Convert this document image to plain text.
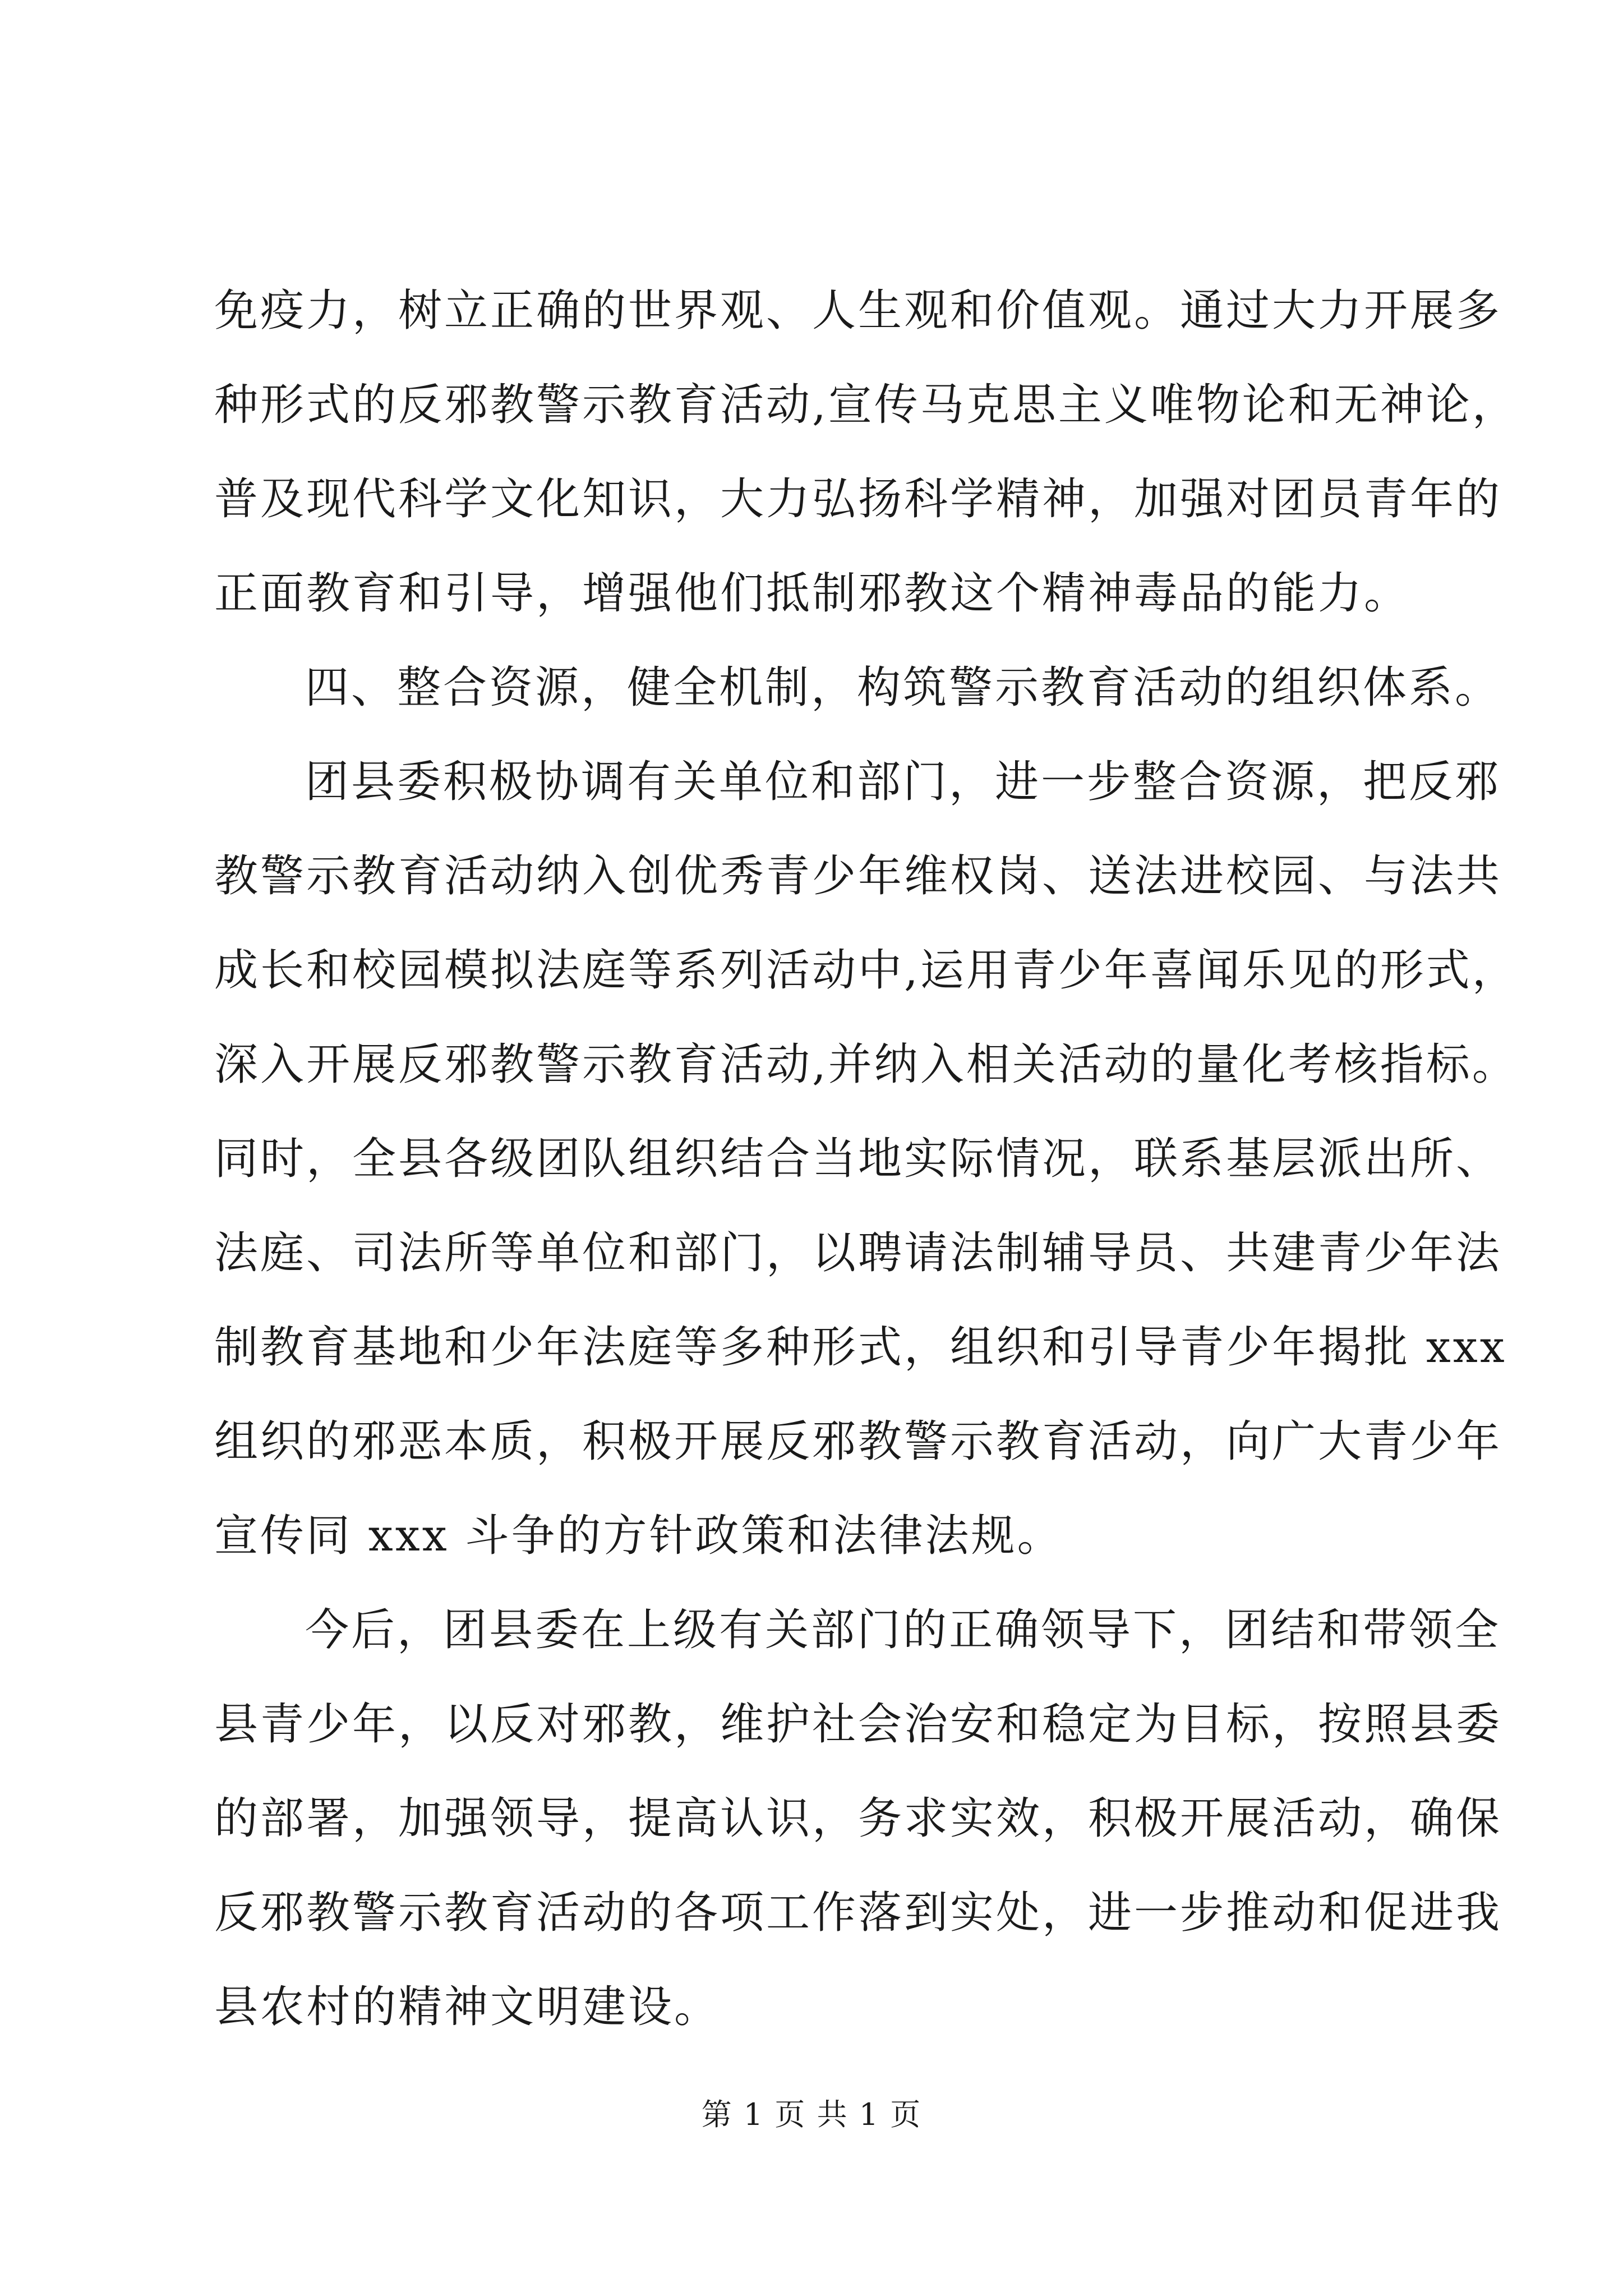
免疫力，树立正确的世界观、人生观和价值观。通过大力开展多
种形式的反邪教警示教育活动,宣传马克思主义唯物论和无神论，
普及现代科学文化知识，大力弘扬科学精神，加强对团员青年的
正面教育和引导，增强他们抵制邪教这个精神毒品的能力。
四、整合资源，健全机制，构筑警示教育活动的组织体系。
团县委积极协调有关单位和部门，进一步整合资源，把反邪
教警示教育活动纳入创优秀青少年维权岗、送法进校园、与法共
成长和校园模拟法庭等系列活动中,运用青少年喜闻乐见的形式，
深入开展反邪教警示教育活动,并纳入相关活动的量化考核指标。
同时，全县各级团队组织结合当地实际情况，联系基层派出所、
法庭、司法所等单位和部门，以聘请法制辅导员、共建青少年法
制教育基地和少年法庭等多种形式，组织和引导青少年揭批 xxx
组织的邪恶本质，积极开展反邪教警示教育活动，向广大青少年
宣传同 xxx 斗争的方针政策和法律法规。
今后，团县委在上级有关部门的正确领导下，团结和带领全
县青少年，以反对邪教，维护社会治安和稳定为目标，按照县委
的部署，加强领导，提高认识，务求实效，积极开展活动，确保
反邪教警示教育活动的各项工作落到实处，进一步推动和促进我
县农村的精神文明建设。
第 1 页 共 1 页
